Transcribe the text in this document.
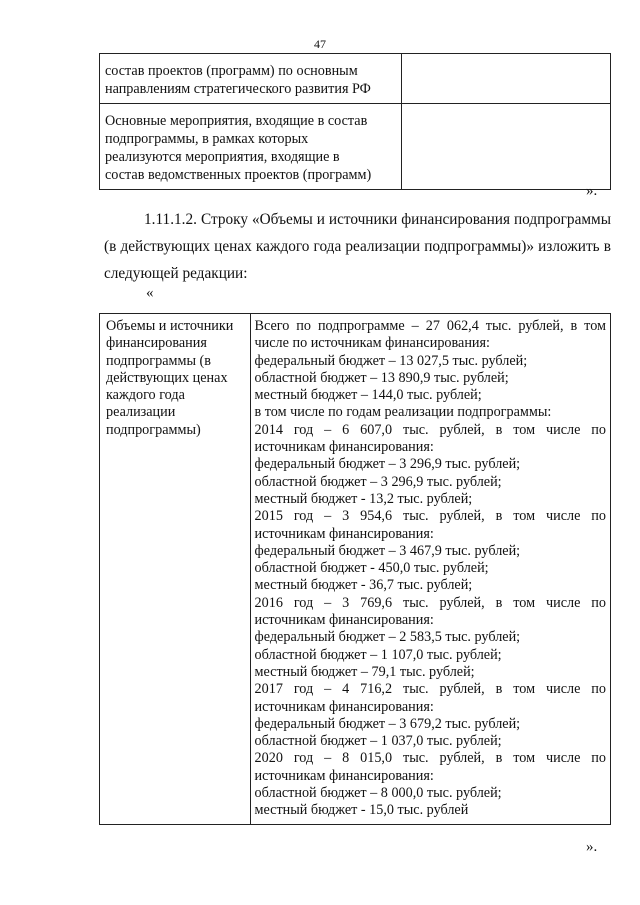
47
состав проектов (программ) по основным
направлениям стратегического развития РФ	

Основные мероприятия, входящие в состав
подпрограммы, в рамках которых
реализуются мероприятия, входящие в
состав ведомственных проектов (программ)	

».
1.11.1.2. Строку «Объемы и источники финансирования подпрограммы (в действующих ценах каждого года реализации подпрограммы)» изложить в следующей редакции:
«
Объемы и источники
финансирования
подпрограммы (в
действующих ценах
каждого года
реализации
подпрограммы)

Всего по подпрограмме – 27 062,4 тыс. рублей, в том
числе по источникам финансирования:
федеральный бюджет – 13 027,5 тыс. рублей;
областной бюджет – 13 890,9 тыс. рублей;
местный бюджет – 144,0 тыс. рублей;
в том числе по годам реализации подпрограммы:
2014 год – 6 607,0 тыс. рублей, в том числе по
источникам финансирования:
федеральный бюджет – 3 296,9 тыс. рублей;
областной бюджет – 3 296,9 тыс. рублей;
местный бюджет - 13,2 тыс. рублей;
2015 год – 3 954,6 тыс. рублей, в том числе по
источникам финансирования:
федеральный бюджет – 3 467,9 тыс. рублей;
областной бюджет - 450,0 тыс. рублей;
местный бюджет - 36,7 тыс. рублей;
2016 год – 3 769,6 тыс. рублей, в том числе по
источникам финансирования:
федеральный бюджет – 2 583,5 тыс. рублей;
областной бюджет – 1 107,0 тыс. рублей;
местный бюджет – 79,1 тыс. рублей;
2017 год – 4 716,2 тыс. рублей, в том числе по
источникам финансирования:
федеральный бюджет – 3 679,2 тыс. рублей;
областной бюджет – 1 037,0 тыс. рублей;
2020 год – 8 015,0 тыс. рублей, в том числе по
источникам финансирования:
областной бюджет – 8 000,0 тыс. рублей;
местный бюджет - 15,0 тыс. рублей
».
